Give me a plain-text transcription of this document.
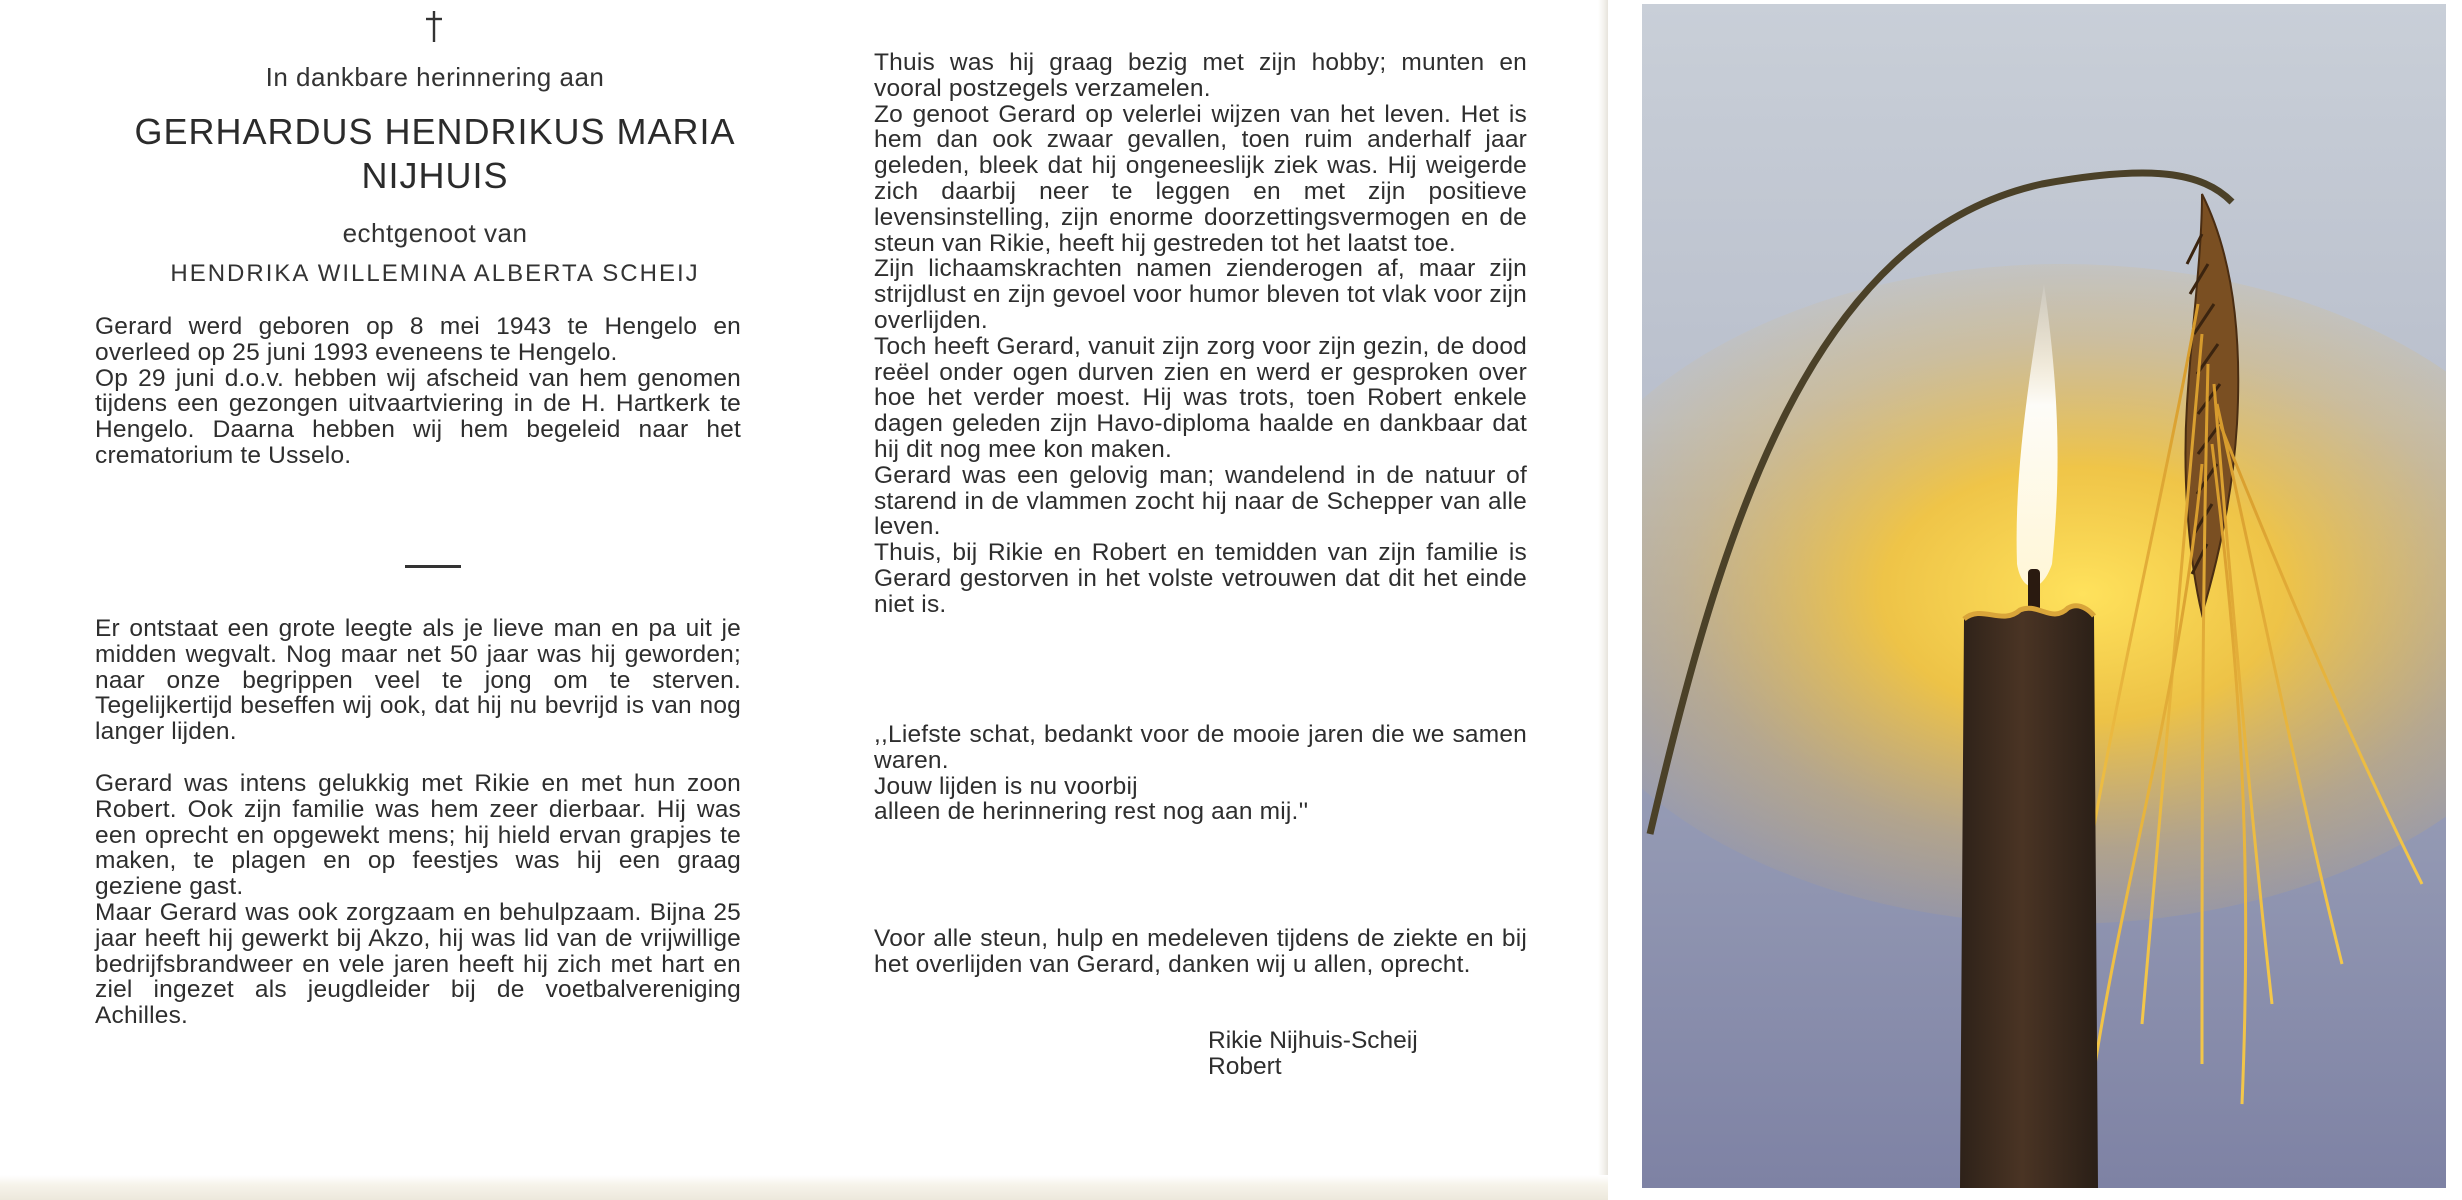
In dankbare herinnering aan

GERHARDUS HENDRIKUS MARIA
NIJHUIS

echtgenoot van

HENDRIKA WILLEMINA ALBERTA SCHEIJ

Gerard werd geboren op 8 mei 1943 te Hengelo en overleed op 25 juni 1993 eveneens te Hengelo.

Op 29 juni d.o.v. hebben wij afscheid van hem genomen tijdens een gezongen uitvaartviering in de H. Hartkerk te Hengelo. Daarna hebben wij hem begeleid naar het crematorium te Usselo.

Er ontstaat een grote leegte als je lieve man en pa uit je midden wegvalt. Nog maar net 50 jaar was hij geworden; naar onze begrippen veel te jong om te sterven. Tegelijkertijd beseffen wij ook, dat hij nu bevrijd is van nog langer lijden.

Gerard was intens gelukkig met Rikie en met hun zoon Robert. Ook zijn familie was hem zeer dierbaar. Hij was een oprecht en opgewekt mens; hij hield ervan grapjes te maken, te plagen en op feestjes was hij een graag geziene gast.

Maar Gerard was ook zorgzaam en behulpzaam. Bijna 25 jaar heeft hij gewerkt bij Akzo, hij was lid van de vrijwillige bedrijfsbrandweer en vele jaren heeft hij zich met hart en ziel ingezet als jeugdleider bij de voetbalvereniging Achilles.

Thuis was hij graag bezig met zijn hobby; munten en vooral postzegels verzamelen.

Zo genoot Gerard op velerlei wijzen van het leven. Het is hem dan ook zwaar gevallen, toen ruim anderhalf jaar geleden, bleek dat hij ongeneeslijk ziek was. Hij weigerde zich daarbij neer te leggen en met zijn positieve levensinstelling, zijn enorme doorzettingsvermogen en de steun van Rikie, heeft hij gestreden tot het laatst toe.

Zijn lichaamskrachten namen zienderogen af, maar zijn strijdlust en zijn gevoel voor humor bleven tot vlak voor zijn overlijden.

Toch heeft Gerard, vanuit zijn zorg voor zijn gezin, de dood reëel onder ogen durven zien en werd er gesproken over hoe het verder moest. Hij was trots, toen Robert enkele dagen geleden zijn Havo-diploma haalde en dankbaar dat hij dit nog mee kon maken.

Gerard was een gelovig man; wandelend in de natuur of starend in de vlammen zocht hij naar de Schepper van alle leven.

Thuis, bij Rikie en Robert en temidden van zijn familie is Gerard gestorven in het volste vetrouwen dat dit het einde niet is.

,,Liefste schat, bedankt voor de mooie jaren die we samen waren.

Jouw lijden is nu voorbij

alleen de herinnering rest nog aan mij.''

Voor alle steun, hulp en medeleven tijdens de ziekte en bij het overlijden van Gerard, danken wij u allen, oprecht.

Rikie Nijhuis-Scheij
Robert
